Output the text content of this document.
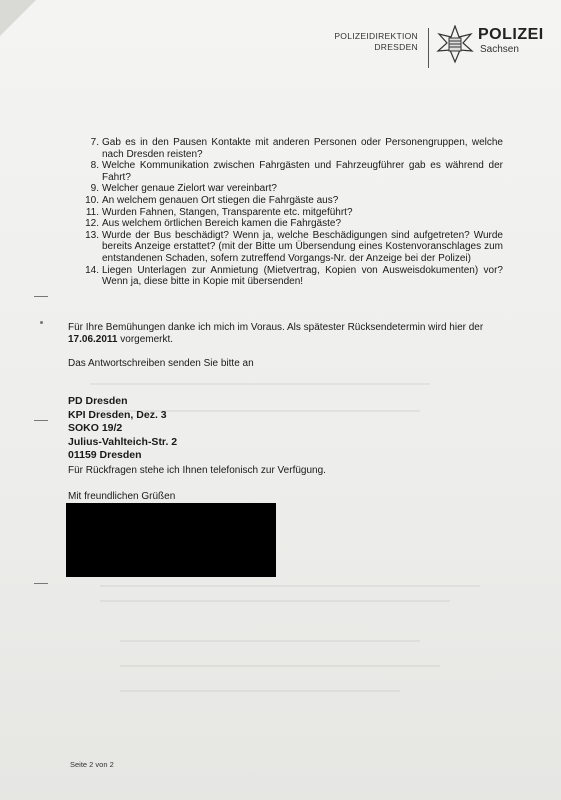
POLIZEIDIREKTION
DRESDEN
POLIZEI
Sachsen
7. Gab es in den Pausen Kontakte mit anderen Personen oder Personengruppen, welche nach Dresden reisten?
8. Welche Kommunikation zwischen Fahrgästen und Fahrzeugführer gab es während der Fahrt?
9. Welcher genaue Zielort war vereinbart?
10. An welchem genauen Ort stiegen die Fahrgäste aus?
11. Wurden Fahnen, Stangen, Transparente etc. mitgeführt?
12. Aus welchem örtlichen Bereich kamen die Fahrgäste?
13. Wurde der Bus beschädigt? Wenn ja, welche Beschädigungen sind aufgetreten? Wurde bereits Anzeige erstattet? (mit der Bitte um Übersendung eines Kostenvoranschlages zum entstandenen Schaden, sofern zutreffend Vorgangs-Nr. der Anzeige bei der Polizei)
14. Liegen Unterlagen zur Anmietung (Mietvertrag, Kopien von Ausweisdokumenten) vor? Wenn ja, diese bitte in Kopie mit übersenden!
Für Ihre Bemühungen danke ich mich im Voraus. Als spätester Rücksendetermin wird hier der 17.06.2011 vorgemerkt.
Das Antwortschreiben senden Sie bitte an
PD Dresden
KPI Dresden, Dez. 3
SOKO 19/2
Julius-Vahlteich-Str. 2
01159 Dresden
Für Rückfragen stehe ich Ihnen telefonisch zur Verfügung.
Mit freundlichen Grüßen
Seite 2 von 2
